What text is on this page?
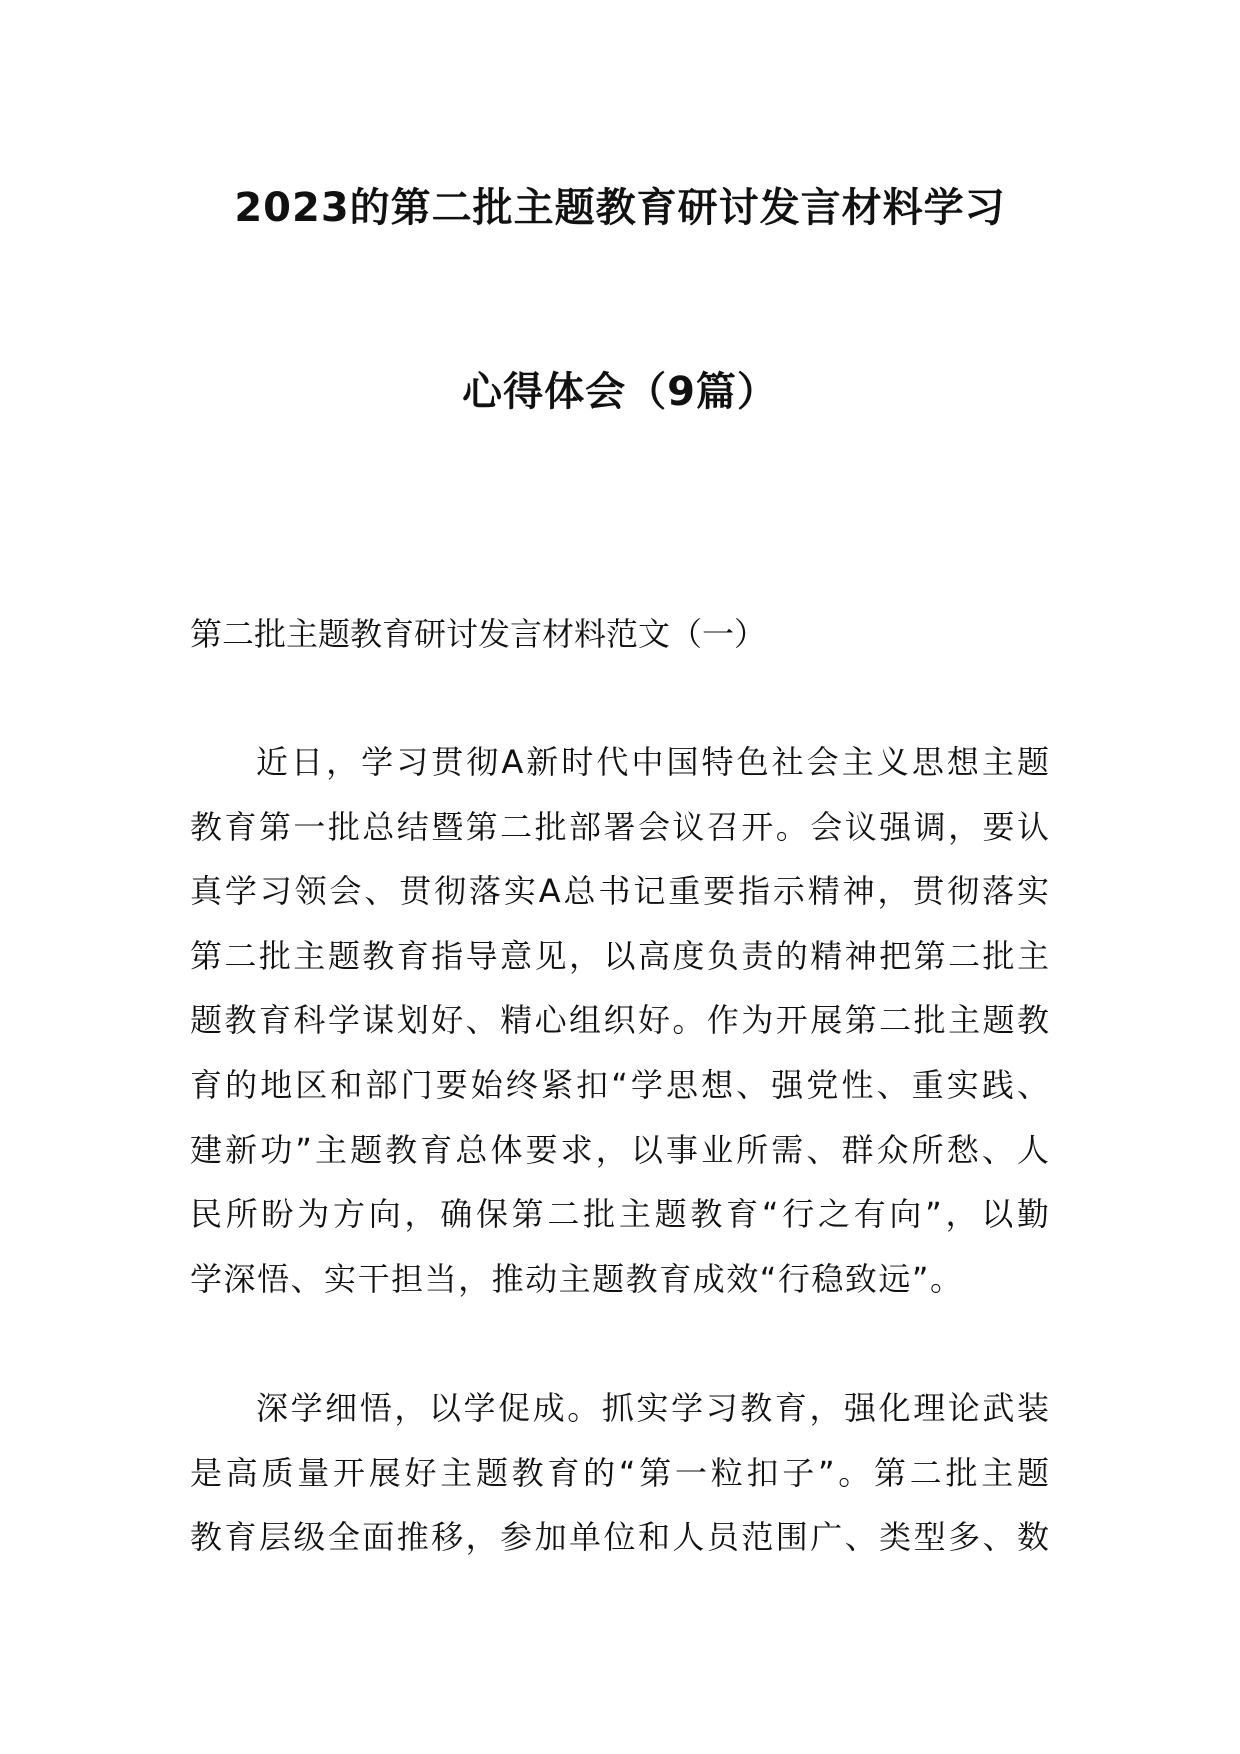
2023的第二批主题教育研讨发言材料学习
心得体会（9篇）
第二批主题教育研讨发言材料范文（一）
近日，学习贯彻A新时代中国特色社会主义思想主题
教育第一批总结暨第二批部署会议召开。会议强调，要认
真学习领会、贯彻落实A总书记重要指示精神，贯彻落实
第二批主题教育指导意见，以高度负责的精神把第二批主
题教育科学谋划好、精心组织好。作为开展第二批主题教
育的地区和部门要始终紧扣“学思想、强党性、重实践、
建新功”主题教育总体要求，以事业所需、群众所愁、人
民所盼为方向，确保第二批主题教育“行之有向”，以勤
学深悟、实干担当，推动主题教育成效“行稳致远”。
深学细悟，以学促成。抓实学习教育，强化理论武装
是高质量开展好主题教育的“第一粒扣子”。第二批主题
教育层级全面推移，参加单位和人员范围广、类型多、数
